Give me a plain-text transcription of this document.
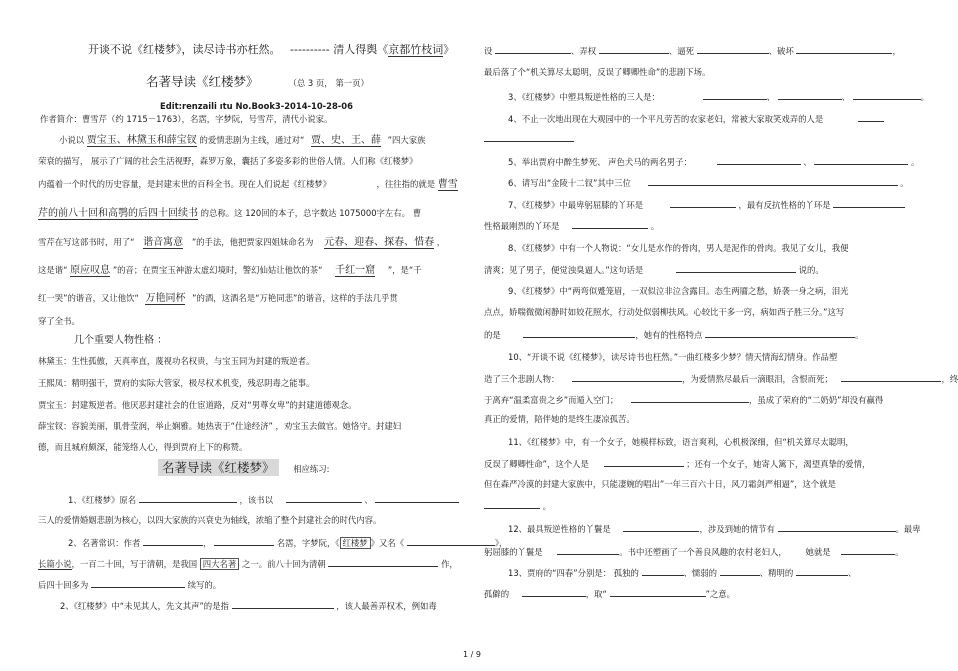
开谈不说《红楼梦》，读尽诗书亦枉然。 ---------- 清人得舆《京都竹枝词》
名著导读《红楼梦》	（总 3 页， 第一页）
Edit:renzaili ıtu No.Book3-2014-10-28-06
作者简介：曹雪芹（约 1715－1763），名霑，字梦阮，号雪芹，清代小说家。
小说以 贾宝玉、林黛玉和薛宝钗 的爱情悲剧为主线，通过对“ 贾、史、王、薛 ”四大家族
荣衰的描写， 展示了广阔的社会生活视野，森罗万象，囊括了多姿多彩的世俗人情。人们称《红楼梦》
内蕴着一个时代的历史容量，是封建末世的百科全书。现在人们说起《红楼梦》	，往往指的就是 曹雪
芹的前八十回和高鹗的后四十回续书 的总称。这 120回的本子，总字数达 1075000字左右。 曹
雪芹在写这部书时，用了“ 谐音寓意 ”的手法，他把贾家四姐妹命名为 元春、迎春、探春、惜春 ，
这是谐“ 原应叹息 ”的音；在贾宝玉神游太虚幻境时，警幻仙姑让他饮的茶“ 千红一窟 ”，是“千
红一哭”的谐音，又让他饮“ 万艳同杯 ”的酒，这酒名是“万艳同悲”的谐音，这样的手法几乎贯
穿了全书。
几个重要人物性格 ：
林黛玉：生性孤傲，天真率直，蔑视功名权贵，与宝玉同为封建的叛逆者。
王熙凤：精明强干，贾府的实际大管家，极尽权术机变，残忍阴毒之能事。
贾宝玉：封建叛逆者。他厌恶封建社会的仕宦道路，反对“男尊女卑”的封建道德观念。
薛宝钗：容貌美丽，肌骨莹润，举止娴雅。她热衷于“仕途经济” ，劝宝玉去做官。她恪守。封建妇
德，而且城府颇深，能笼络人心，得到贾府上下的称赞。
名著导读《红楼梦》 相应练习:
1、《红楼梦》原名	，该书以	、
三人的爱情婚姻悲剧为核心，以四大家族的兴衰史为轴线，浓缩了整个封建社会的时代内容。
2、名著常识：作者	，	名霑，字梦阮，《 红楼梦 》又名《	》，
长篇小说，一百二十回，写于清朝，是我国 四大名著 之一。前八十回为清朝	作，
后四十回多为	续写的。
2、《红楼梦》中“未见其人，先文其声”的是指	，该人最善弄权术，例如毒
设	、弄权	、逼死	、破坏	，
最后落了个“机关算尽太聪明，反误了卿卿性命”的悲剧下场。
3、《红楼梦》中塑具叛逆性格的三人是：	、	、	。
4、不止一次地出现在大观园中的一个平凡劳苦的农家老妇，常被大家取笑戏弄的人是
5、举出贾府中醉生梦死、 声色犬马的两名男子：	、	。
6、请写出“金陵十二钗”其中三位	。
7、《红楼梦》中最卑躬屈膝的丫环是	，最有反抗性格的丫环是
性格最刚烈的丫环是	。
8、《红楼梦》中有一个人物说：“女儿是水作的骨肉，男人是泥作的骨肉。我见了女儿，我便
清爽；见了男子，便觉浊臭逼人。”这句话是	说的。
9、《红楼梦》中“两弯似蹙笼眉，一双似泣非泣含露目。态生两靥之愁，娇袭一身之病，泪光
点点，娇喘微微闲静时如姣花照水，行动处似弱柳扶风。心较比干多一窍，病如西子胜三分。”这写
的是	，她有的性格特点	。
10、“开谈不说《红楼梦》，读尽诗书也枉然。”一曲红楼多少梦？情天情海幻情身。作品塑
造了三个悲剧人物：	，为爱情熬尽最后一滴眼泪，含恨而死；	，终
于离弃“温柔富贵之乡”而遁入空门；	，虽成了荣府的“二奶奶”却没有赢得
真正的爱情，陪伴她的是终生凄凉孤苦。
11、《红楼梦》中，有一个女子，她模样标致，语言爽利，心机极深细，但“机关算尽太聪明，
反误了卿卿性命”，这个人是	；还有一个女子，她寄人篱下，渴望真挚的爱情，
但在森严冷漠的封建大家族中，只能凄婉的唱出”一年三百六十日，风刀霜剑严相逼”，这个就是
。
12、最具叛逆性格的丫鬟是	，涉及到她的情节有	。最卑
躬屈膝的丫鬟是	。书中还塑画了一个善良风趣的农村老妇人， 她就是	。
13、贾府的“四春”分别是： 孤独的	、懦弱的	、精明的	、
孤僻的	，取“	”之意。
1 / 9
